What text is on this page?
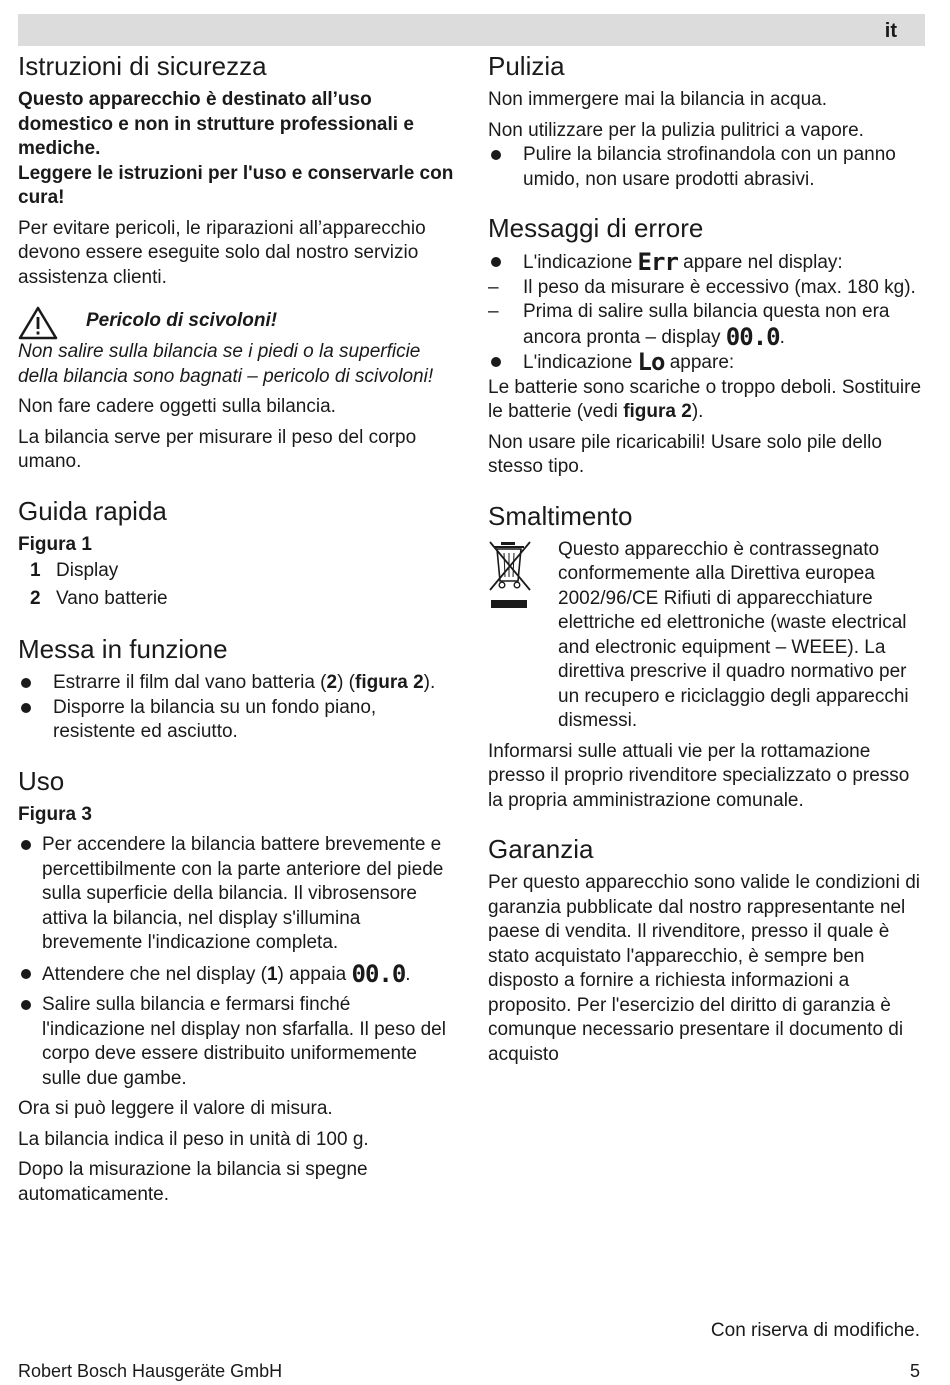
it
Istruzioni di sicurezza

Questo apparecchio è destinato all’uso domestico e non in strutture professionali e mediche.

Leggere le istruzioni per l'uso e conservarle con cura!

Per evitare pericoli, le riparazioni all’apparecchio devono essere eseguite solo dal nostro servizio assistenza clienti.

Pericolo di scivoloni!

Non salire sulla bilancia se i piedi o la superficie della bilancia sono bagnati – pericolo di scivoloni!

Non fare cadere oggetti sulla bilancia.

La bilancia serve per misurare il peso del corpo umano.

Guida rapida

Figura 1

1 Display
2 Vano batterie
Messa in funzione
Estrarre il film dal vano batteria (2) (figura 2).
Disporre la bilancia su un fondo piano, resistente ed asciutto.
Uso

Figura 3

Per accendere la bilancia battere brevemente e percettibilmente con la parte anteriore del piede sulla superficie della bilancia. Il vibrosensore attiva la bilancia, nel display s'illumina brevemente l'indicazione completa.
Attendere che nel display (1) appaia 00.0.
Salire sulla bilancia e fermarsi finché l'indicazione nel display non sfarfalla. Il peso del corpo deve essere distribuito uniformemente sulle due gambe.

Ora si può leggere il valore di misura.

La bilancia indica il peso in unità di 100 g.

Dopo la misurazione la bilancia si spegne automaticamente.

Pulizia

Non immergere mai la bilancia in acqua.

Non utilizzare per la pulizia pulitrici a vapore.

Pulire la bilancia strofinandola con un panno umido, non usare prodotti abrasivi.
Messaggi di errore
L'indicazione Err appare nel display:
– Il peso da misurare è eccessivo (max. 180 kg).
– Prima di salire sulla bilancia questa non era ancora pronta – display 00.0.
L'indicazione Lo appare:

Le batterie sono scariche o troppo deboli. Sostituire le batterie (vedi figura 2).

Non usare pile ricaricabili! Usare solo pile dello stesso tipo.

Smaltimento
Questo apparecchio è contrassegnato conformemente alla Direttiva europea 2002/96/CE Rifiuti di apparecchiature elettriche ed elettroniche (waste electrical and electronic equipment – WEEE). La direttiva prescrive il quadro normativo per un recupero e riciclaggio degli apparecchi dismessi.

Informarsi sulle attuali vie per la rottamazione presso il proprio rivenditore specializzato o presso la propria amministrazione comunale.

Garanzia

Per questo apparecchio sono valide le condizioni di garanzia pubblicate dal nostro rappresentante nel paese di vendita. Il rivenditore, presso il quale è stato acquistato l'apparecchio, è sempre ben disposto a fornire a richiesta informazioni a proposito. Per l'esercizio del diritto di garanzia è comunque necessario presentare il documento di acquisto

Con riserva di modifiche.
Robert Bosch Hausgeräte GmbH	5
